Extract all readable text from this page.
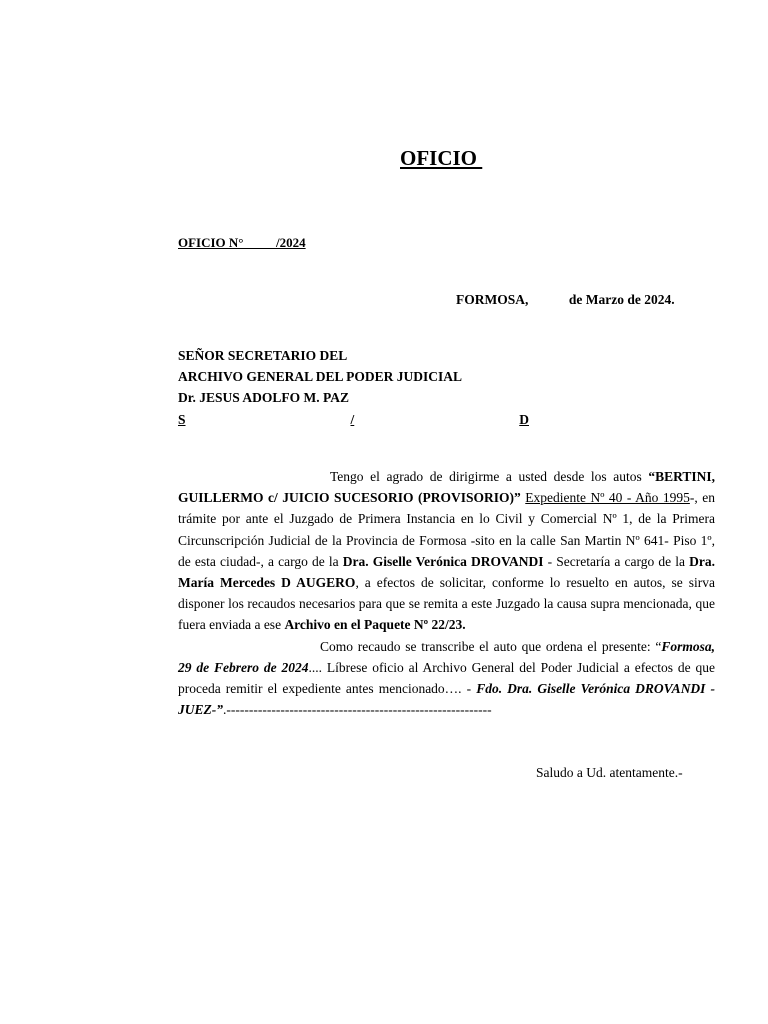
OFICIO
OFICIO N°          /2024
FORMOSA,            de Marzo de 2024.
SEÑOR SECRETARIO DEL
ARCHIVO GENERAL DEL PODER JUDICIAL
Dr. JESUS ADOLFO M. PAZ
S	/	D

Tengo el agrado de dirigirme a usted desde los autos “BERTINI, GUILLERMO c/ JUICIO SUCESORIO (PROVISORIO)” Expediente Nº 40 - Año 1995-, en trámite por ante el Juzgado de Primera Instancia en lo Civil y Comercial Nº 1, de la Primera Circunscripción Judicial de la Provincia de Formosa -sito en la calle San Martin Nº 641- Piso 1º, de esta ciudad-, a cargo de la Dra. Giselle Verónica DROVANDI - Secretaría a cargo de la Dra. María Mercedes D AUGERO, a efectos de solicitar, conforme lo resuelto en autos, se sirva disponer los recaudos necesarios para que se remita a este Juzgado la causa supra mencionada, que fuera enviada a ese Archivo en el Paquete Nº 22/23.

Como recaudo se transcribe el auto que ordena el presente: “Formosa, 29 de Febrero de 2024.... Líbrese oficio al Archivo General del Poder Judicial a efectos de que proceda remitir el expediente antes mencionado…. - Fdo. Dra. Giselle Verónica DROVANDI -JUEZ-”.-----------------------------------------------------------

Saludo a Ud. atentamente.-
